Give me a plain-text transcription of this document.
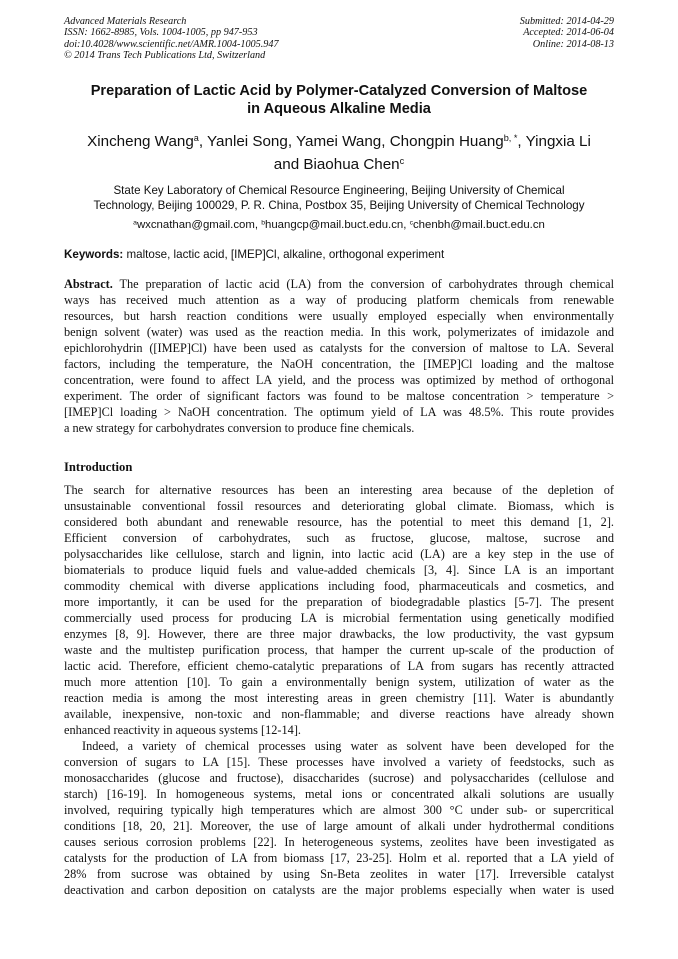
Advanced Materials Research
ISSN: 1662-8985, Vols. 1004-1005, pp 947-953
doi:10.4028/www.scientific.net/AMR.1004-1005.947
© 2014 Trans Tech Publications Ltd, Switzerland
Submitted: 2014-04-29
Accepted: 2014-06-04
Online: 2014-08-13
Preparation of Lactic Acid by Polymer-Catalyzed Conversion of Maltose
in Aqueous Alkaline Media
Xincheng Wang$^a$, Yanlei Song, Yamei Wang, Chongpin Huang$^{b, *}$, Yingxia Li
and Biaohua Chen$^c$
State Key Laboratory of Chemical Resource Engineering, Beijing University of Chemical
Technology, Beijing 100029, P. R. China, Postbox 35, Beijing University of Chemical Technology
$^a$wxcnathan@gmail.com, $^b$huangcp@mail.buct.edu.cn, $^c$chenbh@mail.buct.edu.cn
Keywords: maltose, lactic acid, [IMEP]Cl, alkaline, orthogonal experiment
Abstract. The preparation of lactic acid (LA) from the conversion of carbohydrates through chemical
ways has received much attention as a way of producing platform chemicals from renewable
resources, but harsh reaction conditions were usually employed especially when environmentally
benign solvent (water) was used as the reaction media. In this work, polymerizates of imidazole and
epichlorohydrin ([IMEP]Cl) have been used as catalysts for the conversion of maltose to LA. Several
factors, including the temperature, the NaOH concentration, the [IMEP]Cl loading and the maltose
concentration, were found to affect LA yield, and the process was optimized by method of orthogonal
experiment. The order of significant factors was found to be maltose concentration > temperature >
[IMEP]Cl loading > NaOH concentration. The optimum yield of LA was 48.5%. This route provides
a new strategy for carbohydrates conversion to produce fine chemicals.
Introduction
The search for alternative resources has been an interesting area because of the depletion of
unsustainable conventional fossil resources and deteriorating global climate. Biomass, which is
considered both abundant and renewable resource, has the potential to meet this demand [1, 2].
Efficient conversion of carbohydrates, such as fructose, glucose, maltose, sucrose and
polysaccharides like cellulose, starch and lignin, into lactic acid (LA) are a key step in the use of
biomaterials to produce liquid fuels and value-added chemicals [3, 4]. Since LA is an important
commodity chemical with diverse applications including food, pharmaceuticals and cosmetics, and
more importantly, it can be used for the preparation of biodegradable plastics [5-7]. The present
commercially used process for producing LA is microbial fermentation using genetically modified
enzymes [8, 9]. However, there are three major drawbacks, the low productivity, the vast gypsum
waste and the multistep purification process, that hamper the current up-scale of the production of
lactic acid. Therefore, efficient chemo-catalytic preparations of LA from sugars has recently attracted
much more attention [10]. To gain a environmentally benign system, utilization of water as the
reaction media is among the most interesting areas in green chemistry [11]. Water is abundantly
available, inexpensive, non-toxic and non-flammable; and diverse reactions have already shown
enhanced reactivity in aqueous systems [12-14].
Indeed, a variety of chemical processes using water as solvent have been developed for the
conversion of sugars to LA [15]. These processes have involved a variety of feedstocks, such as
monosaccharides (glucose and fructose), disaccharides (sucrose) and polysaccharides (cellulose and
starch) [16-19]. In homogeneous systems, metal ions or concentrated alkali solutions are usually
involved, requiring typically high temperatures which are almost 300 °C under sub- or supercritical
conditions [18, 20, 21]. Moreover, the use of large amount of alkali under hydrothermal conditions
causes serious corrosion problems [22]. In heterogeneous systems, zeolites have been investigated as
catalysts for the production of LA from biomass [17, 23-25]. Holm et al. reported that a LA yield of
28% from sucrose was obtained by using Sn-Beta zeolites in water [17]. Irreversible catalyst
deactivation and carbon deposition on catalysts are the major problems especially when water is used
